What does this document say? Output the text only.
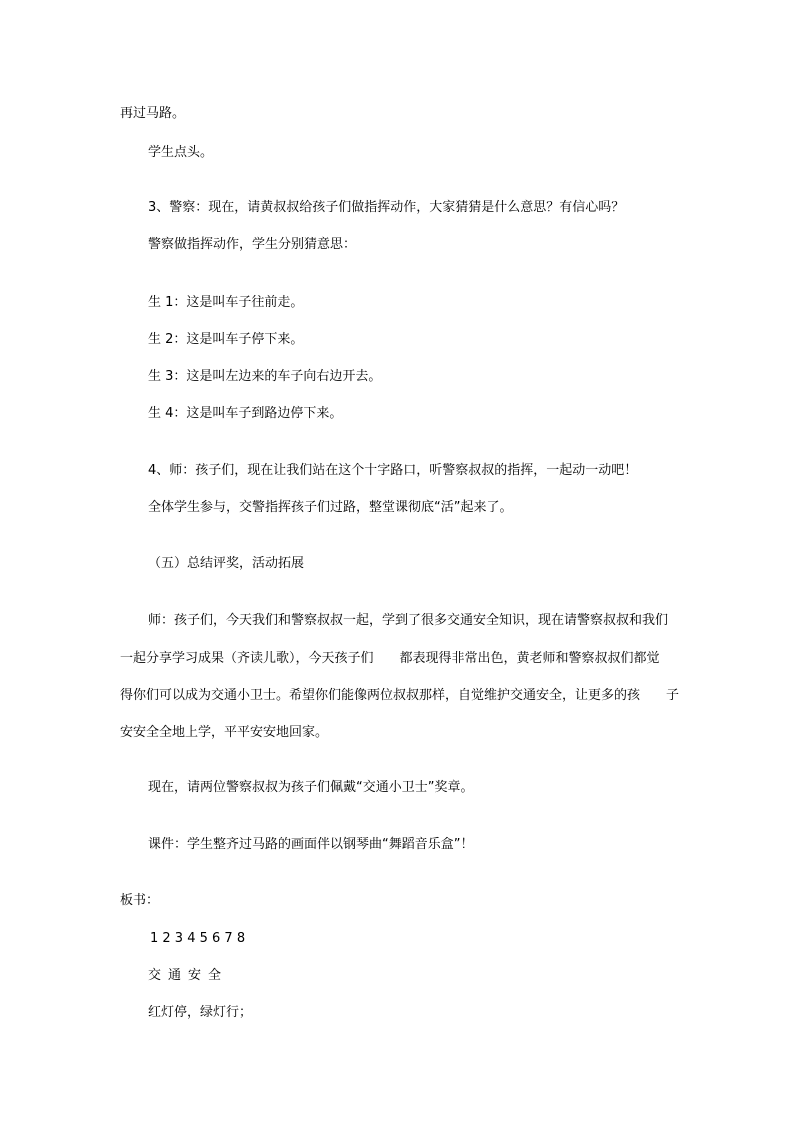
再过马路。

学生点头。

3、警察：现在，请黄叔叔给孩子们做指挥动作，大家猜猜是什么意思？有信心吗？

警察做指挥动作，学生分别猜意思：

生 1：这是叫车子往前走。

生 2：这是叫车子停下来。

生 3：这是叫左边来的车子向右边开去。

生 4：这是叫车子到路边停下来。

4、师：孩子们，现在让我们站在这个十字路口，听警察叔叔的指挥，一起动一动吧！

全体学生参与，交警指挥孩子们过路，整堂课彻底“活”起来了。

（五）总结评奖，活动拓展

师：孩子们，今天我们和警察叔叔一起，学到了很多交通安全知识，现在请警察叔叔和我们

一起分享学习成果（齐读儿歌），今天孩子们　　都表现得非常出色，黄老师和警察叔叔们都觉

得你们可以成为交通小卫士。希望你们能像两位叔叔那样，自觉维护交通安全，让更多的孩　　子

安安全全地上学，平平安安地回家。

现在，请两位警察叔叔为孩子们佩戴“交通小卫士”奖章。

课件：学生整齐过马路的画面伴以钢琴曲“舞蹈音乐盒”！

板书：

1 2 3 4 5 6 7 8

交通安全

红灯停，绿灯行；
